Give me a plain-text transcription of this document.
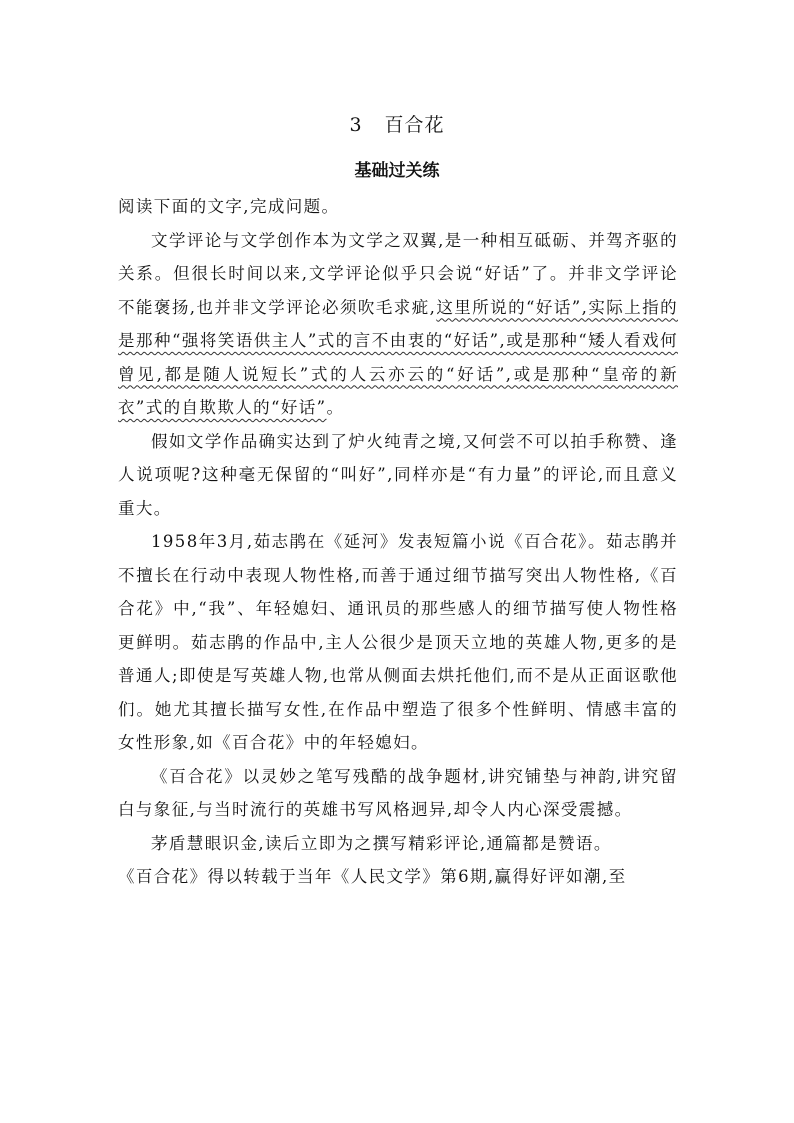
3 百合花
基础过关练

阅读下面的文字,完成问题。

文学评论与文学创作本为文学之双翼,是一种相互砥砺、并驾齐驱的关系。但很长时间以来,文学评论似乎只会说“好话”了。并非文学评论不能褒扬,也并非文学评论必须吹毛求疵,这里所说的“好话”,实际上指的是那种“强将笑语供主人”式的言不由衷的“好话”,或是那种“矮人看戏何曾见,都是随人说短长”式的人云亦云的“好话”,或是那种“皇帝的新衣”式的自欺欺人的“好话”。

假如文学作品确实达到了炉火纯青之境,又何尝不可以拍手称赞、逢人说项呢?这种毫无保留的“叫好”,同样亦是“有力量”的评论,而且意义重大。

1958年3月,茹志鹃在《延河》发表短篇小说《百合花》。茹志鹃并不擅长在行动中表现人物性格,而善于通过细节描写突出人物性格,《百合花》中,“我”、年轻媳妇、通讯员的那些感人的细节描写使人物性格更鲜明。茹志鹃的作品中,主人公很少是顶天立地的英雄人物,更多的是普通人;即使是写英雄人物,也常从侧面去烘托他们,而不是从正面讴歌他们。她尤其擅长描写女性,在作品中塑造了很多个性鲜明、情感丰富的女性形象,如《百合花》中的年轻媳妇。

《百合花》以灵妙之笔写残酷的战争题材,讲究铺垫与神韵,讲究留白与象征,与当时流行的英雄书写风格迥异,却令人内心深受震撼。

茅盾慧眼识金,读后立即为之撰写精彩评论,通篇都是赞语。

《百合花》得以转载于当年《人民文学》第6期,赢得好评如潮,至
